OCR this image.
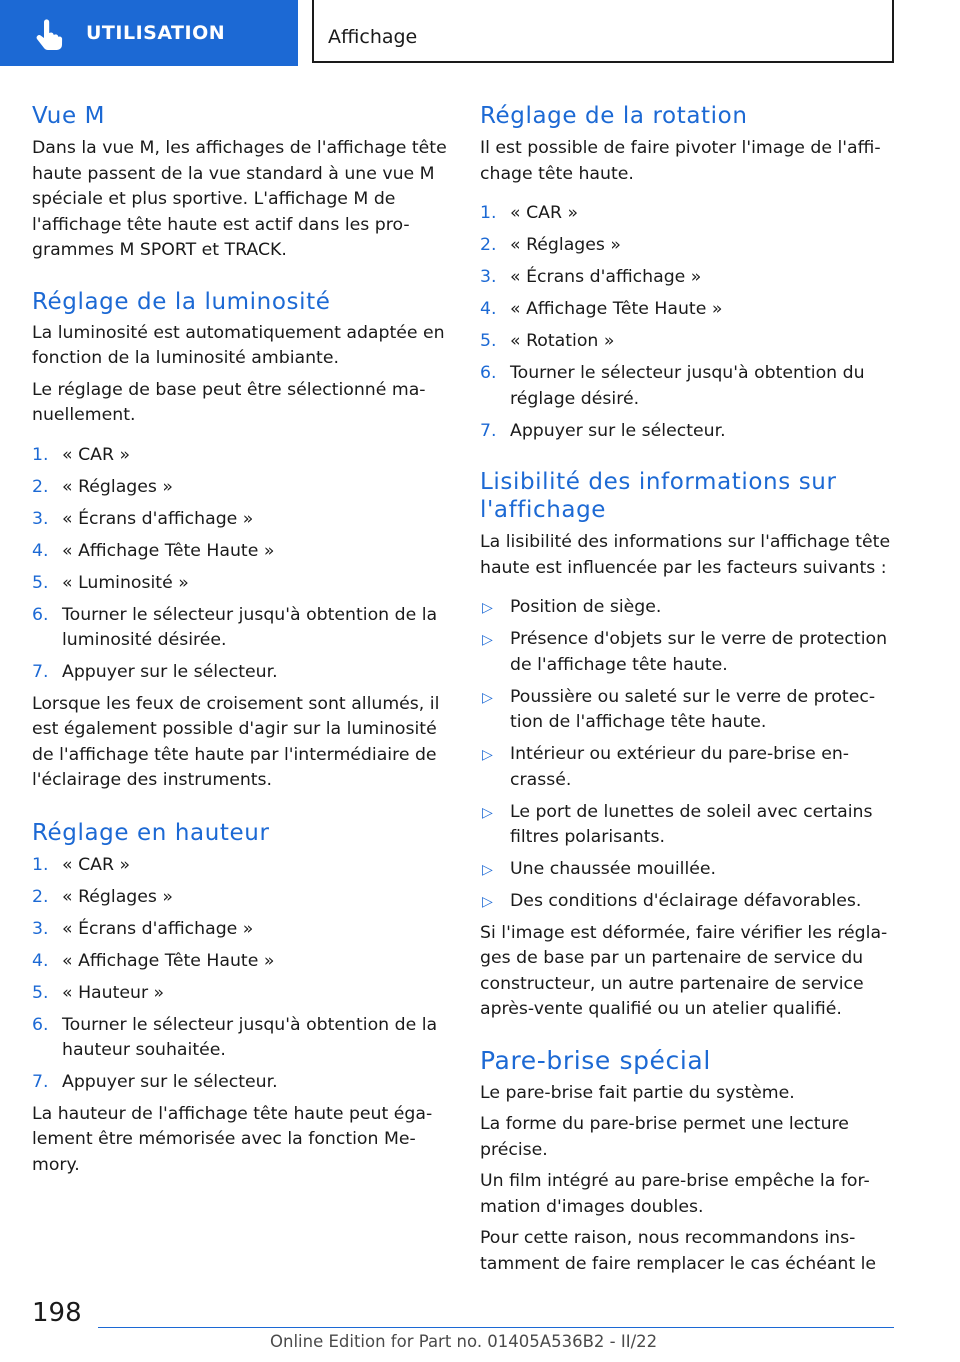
UTILISATION	Affichage
Vue M

Dans la vue M, les affichages de l'affichage tête haute passent de la vue standard à une vue M spéciale et plus sportive. L'affichage M de l'affichage tête haute est actif dans les pro-grammes M SPORT et TRACK.

Réglage de la luminosité

La luminosité est automatiquement adaptée en fonction de la luminosité ambiante.

Le réglage de base peut être sélectionné ma-nuellement.

1. « CAR »
2. « Réglages »
3. « Écrans d'affichage »
4. « Affichage Tête Haute »
5. « Luminosité »
6. Tourner le sélecteur jusqu'à obtention de la luminosité désirée.
7. Appuyer sur le sélecteur.

Lorsque les feux de croisement sont allumés, il est également possible d'agir sur la luminosité de l'affichage tête haute par l'intermédiaire de l'éclairage des instruments.

Réglage en hauteur
1. « CAR »
2. « Réglages »
3. « Écrans d'affichage »
4. « Affichage Tête Haute »
5. « Hauteur »
6. Tourner le sélecteur jusqu'à obtention de la hauteur souhaitée.
7. Appuyer sur le sélecteur.

La hauteur de l'affichage tête haute peut éga-lement être mémorisée avec la fonction Me-mory.

Réglage de la rotation

Il est possible de faire pivoter l'image de l'affi-chage tête haute.

1. « CAR »
2. « Réglages »
3. « Écrans d'affichage »
4. « Affichage Tête Haute »
5. « Rotation »
6. Tourner le sélecteur jusqu'à obtention du réglage désiré.
7. Appuyer sur le sélecteur.
Lisibilité des informations sur l'affichage

La lisibilité des informations sur l'affichage tête haute est influencée par les facteurs suivants :

▷ Position de siège.
▷ Présence d'objets sur le verre de protection de l'affichage tête haute.
▷ Poussière ou saleté sur le verre de protec-tion de l'affichage tête haute.
▷ Intérieur ou extérieur du pare-brise en-crassé.
▷ Le port de lunettes de soleil avec certains filtres polarisants.
▷ Une chaussée mouillée.
▷ Des conditions d'éclairage défavorables.

Si l'image est déformée, faire vérifier les régla-ges de base par un partenaire de service du constructeur, un autre partenaire de service après-vente qualifié ou un atelier qualifié.

Pare-brise spécial

Le pare-brise fait partie du système.

La forme du pare-brise permet une lecture précise.

Un film intégré au pare-brise empêche la for-mation d'images doubles.

Pour cette raison, nous recommandons ins-tamment de faire remplacer le cas échéant le

198
Online Edition for Part no. 01405A536B2 - II/22
